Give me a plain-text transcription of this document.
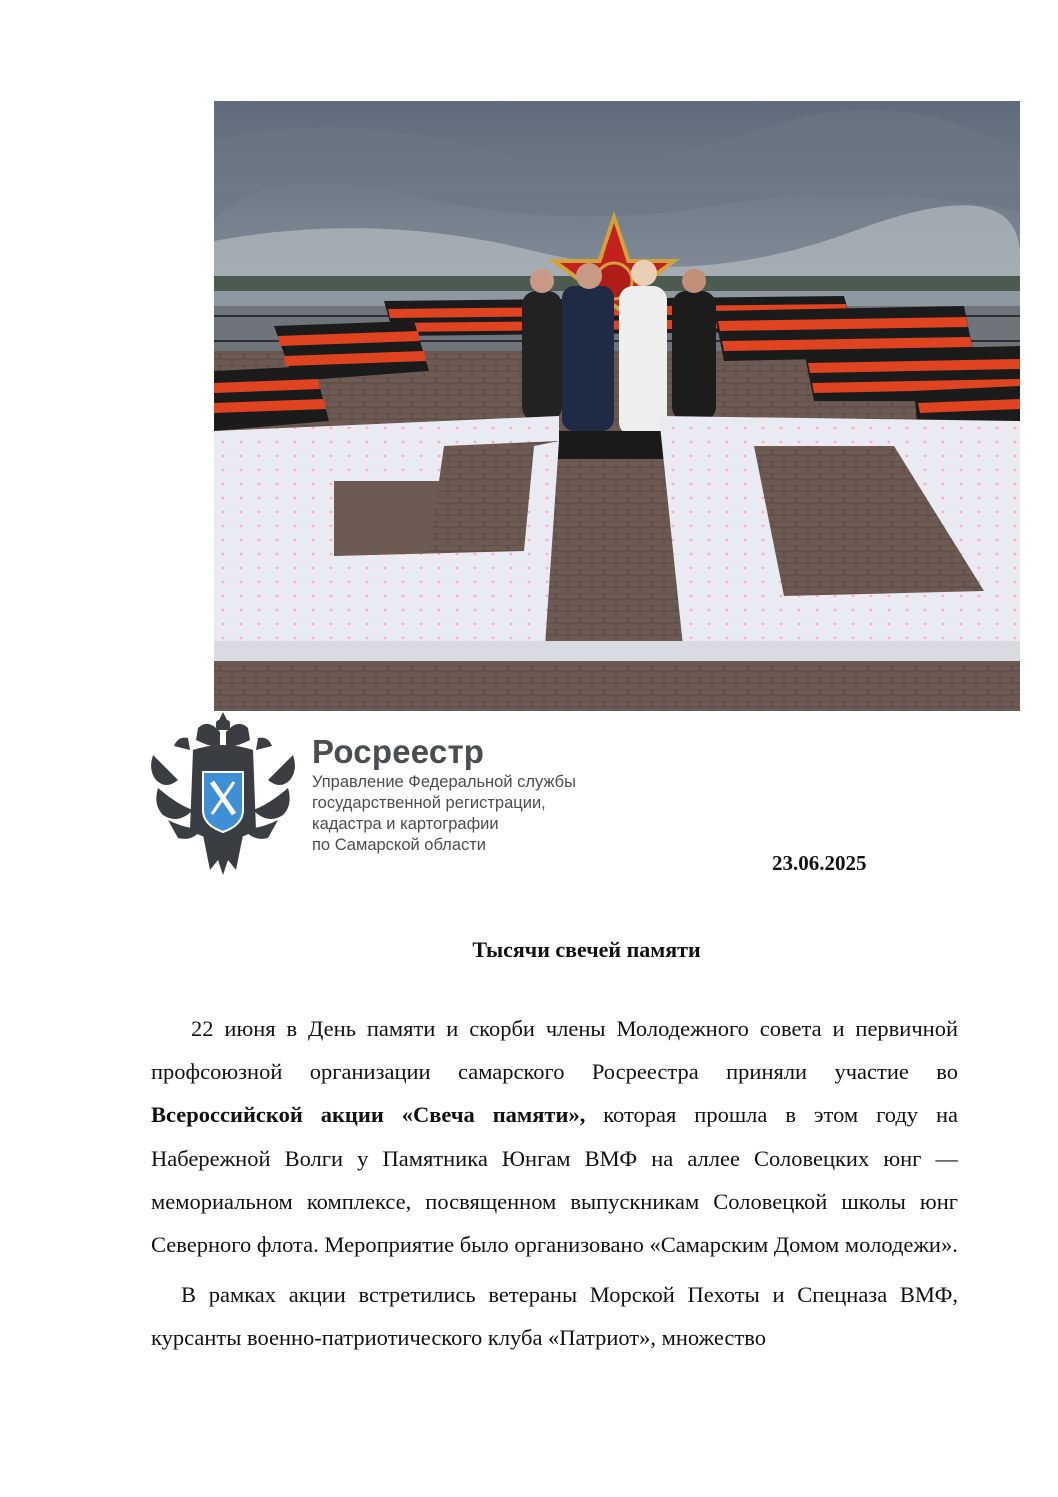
Росреестр
Управление Федеральной службы
государственной регистрации,
кадастра и картографии
по Самарской области
23.06.2025
Тысячи свечей памяти

22 июня в День памяти и скорби члены Молодежного совета и первичной профсоюзной организации самарского Росреестра приняли участие во Всероссийской акции «Свеча памяти», которая прошла в этом году на Набережной Волги у Памятника Юнгам ВМФ на аллее Соловецких юнг — мемориальном комплексе, посвященном выпускникам Соловецкой школы юнг Северного флота. Мероприятие было организовано «Самарским Домом молодежи».

В рамках акции встретились ветераны Морской Пехоты и Спецназа ВМФ, курсанты военно-патриотического клуба «Патриот», множество
